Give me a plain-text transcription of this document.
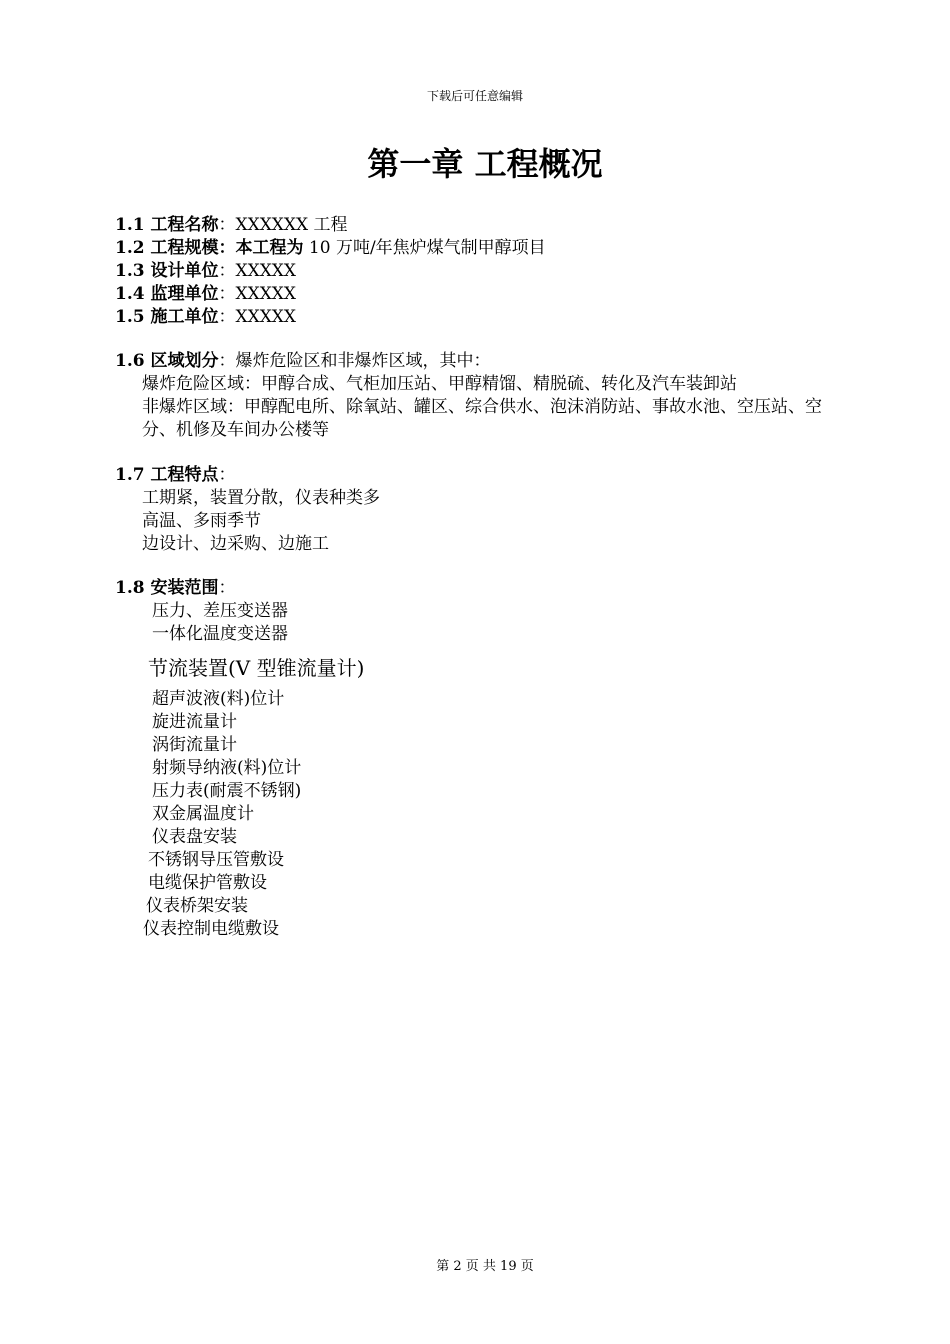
下载后可任意编辑
第一章 工程概况
1.1 工程名称：XXXXXX 工程
1.2 工程规模：本工程为 10 万吨/年焦炉煤气制甲醇项目
1.3 设计单位：XXXXX
1.4 监理单位：XXXXX
1.5 施工单位：XXXXX
1.6 区域划分：爆炸危险区和非爆炸区域，其中：
爆炸危险区域：甲醇合成、气柜加压站、甲醇精馏、精脱硫、转化及汽车装卸站
非爆炸区域：甲醇配电所、除氧站、罐区、综合供水、泡沫消防站、事故水池、空压站、空分、机修及车间办公楼等
1.7 工程特点：
工期紧，装置分散，仪表种类多
高温、多雨季节
边设计、边采购、边施工
1.8 安装范围：
压力、差压变送器
一体化温度变送器
节流装置(V 型锥流量计)
超声波液(料)位计
旋进流量计
涡街流量计
射频导纳液(料)位计
压力表(耐震不锈钢)
双金属温度计
仪表盘安装
不锈钢导压管敷设
电缆保护管敷设
仪表桥架安装
仪表控制电缆敷设
第 2 页 共 19 页
